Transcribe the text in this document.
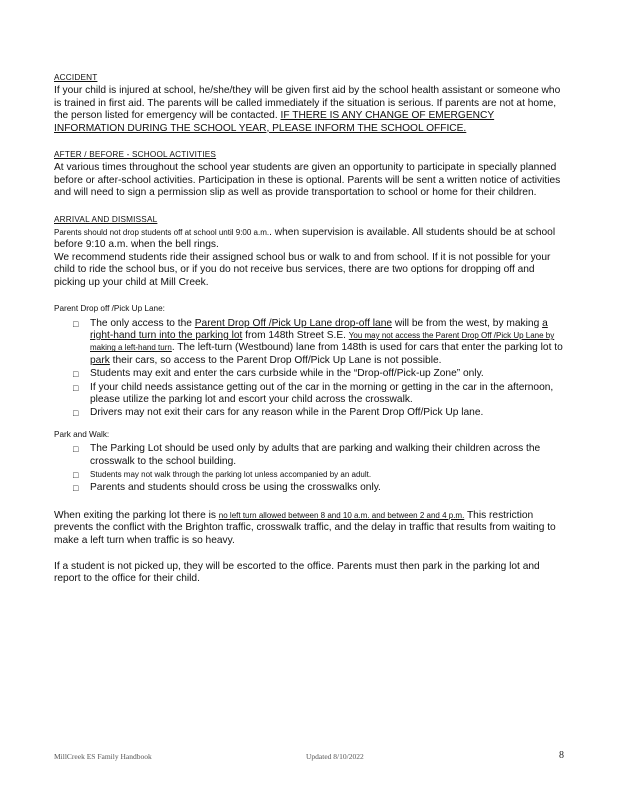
ACCIDENT

If your child is injured at school, he/she/they will be given first aid by the school health assistant or someone who is trained in first aid. The parents will be called immediately if the situation is serious. If parents are not at home, the person listed for emergency will be contacted. IF THERE IS ANY CHANGE OF EMERGENCY INFORMATION DURING THE SCHOOL YEAR, PLEASE INFORM THE SCHOOL OFFICE.

AFTER / BEFORE - SCHOOL ACTIVITIES

At various times throughout the school year students are given an opportunity to participate in specially planned before or after-school activities. Participation in these is optional. Parents will be sent a written notice of activities and will need to sign a permission slip as well as provide transportation to school or home for their children.

ARRIVAL AND DISMISSAL

Parents should not drop students off at school until 9:00 a.m.. when supervision is available. All students should be at school before 9:10 a.m. when the bell rings.

We recommend students ride their assigned school bus or walk to and from school. If it is not possible for your child to ride the school bus, or if you do not receive bus services, there are two options for dropping off and picking up your child at Mill Creek.

Parent Drop off /Pick Up Lane:
□ The only access to the Parent Drop Off /Pick Up Lane drop-off lane will be from the west, by making a right-hand turn into the parking lot from 148th Street S.E. You may not access the Parent Drop Off /Pick Up Lane by making a left-hand turn. The left-turn (Westbound) lane from 148th is used for cars that enter the parking lot to park their cars, so access to the Parent Drop Off/Pick Up Lane is not possible.
□ Students may exit and enter the cars curbside while in the “Drop-off/Pick-up Zone” only.
□ If your child needs assistance getting out of the car in the morning or getting in the car in the afternoon, please utilize the parking lot and escort your child across the crosswalk.
□ Drivers may not exit their cars for any reason while in the Parent Drop Off/Pick Up lane.
Park and Walk:
□ The Parking Lot should be used only by adults that are parking and walking their children across the crosswalk to the school building.
□ Students may not walk through the parking lot unless accompanied by an adult.
□ Parents and students should cross be using the crosswalks only.

When exiting the parking lot there is no left turn allowed between 8 and 10 a.m. and between 2 and 4 p.m. This restriction prevents the conflict with the Brighton traffic, crosswalk traffic, and the delay in traffic that results from waiting to make a left turn when traffic is so heavy.

If a student is not picked up, they will be escorted to the office. Parents must then park in the parking lot and report to the office for their child.

MillCreek ES Family Handbook	Updated 8/10/2022	8
